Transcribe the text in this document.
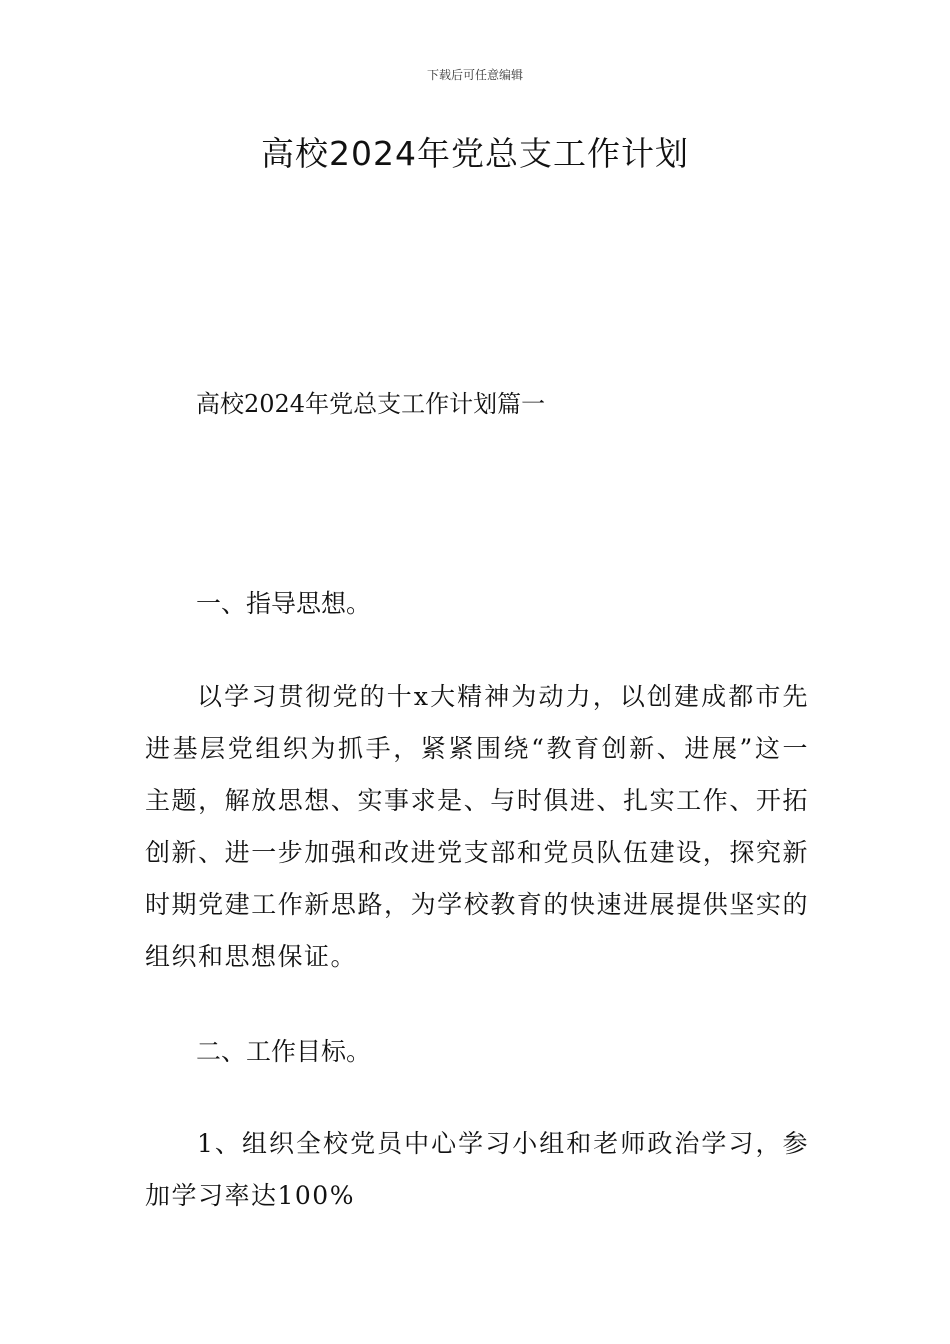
下载后可任意编辑
高校2024年党总支工作计划
高校2024年党总支工作计划篇一
一、指导思想。
以学习贯彻党的十x大精神为动力，以创建成都市先进基层党组织为抓手，紧紧围绕“教育创新、进展”这一主题，解放思想、实事求是、与时俱进、扎实工作、开拓创新、进一步加强和改进党支部和党员队伍建设，探究新时期党建工作新思路，为学校教育的快速进展提供坚实的组织和思想保证。
二、工作目标。
1、组织全校党员中心学习小组和老师政治学习，参加学习率达100%
